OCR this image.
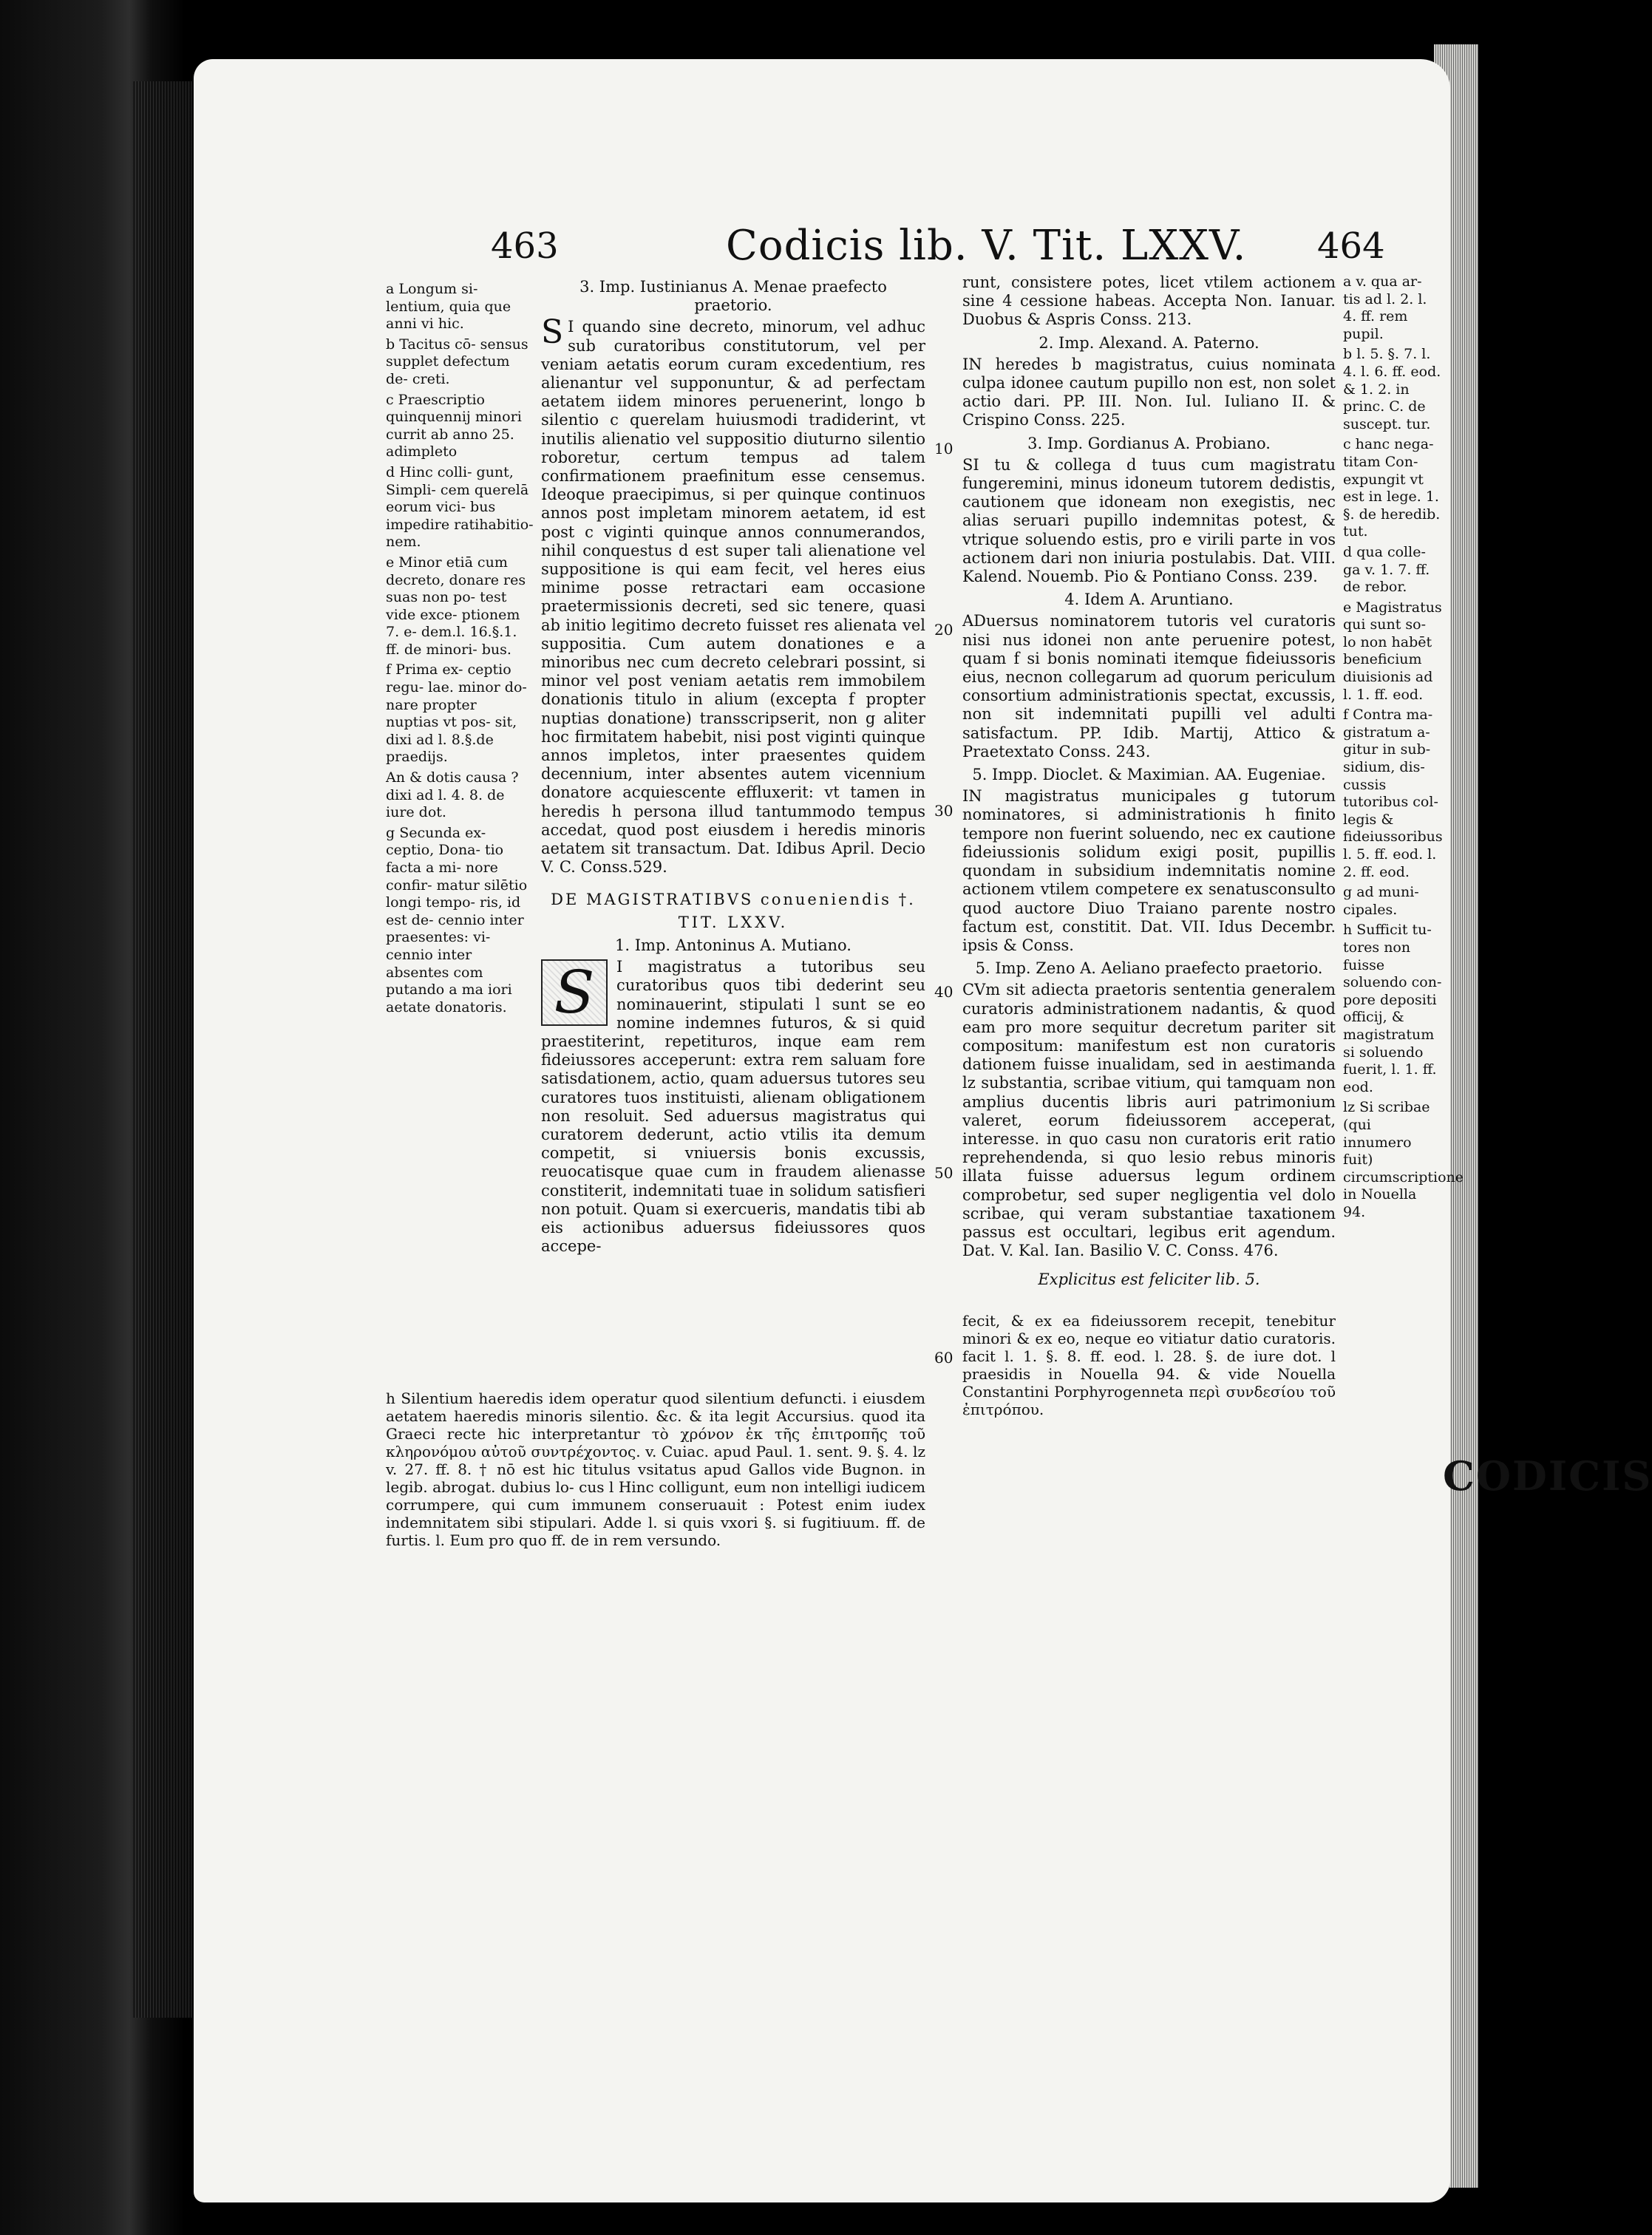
463	Codicis lib. V. Tit. LXXV. 464

a Longum si- lentium, quia que anni vi hic.

b Tacitus cō- sensus supplet defectum de- creti.

c Praescriptio quinquennij minori currit ab anno 25. adimpleto

d Hinc colli- gunt, Simpli- cem querelā eorum vici- bus impedire ratihabitio- nem.

e Minor etiā cum decreto, donare res suas non po- test vide exce- ptionem 7. e- dem.l. 16.§.1. ff. de minori- bus.

f Prima ex- ceptio regu- lae. minor do- nare propter nuptias vt pos- sit, dixi ad l. 8.§.de praedijs.

An & dotis causa ? dixi ad l. 4. 8. de iure dot.

g Secunda ex- ceptio, Dona- tio facta a mi- nore confir- matur silētio longi tempo- ris, id est de- cennio inter praesentes: vi- cennio inter absentes com putando a ma iori aetate donatoris.

3. Imp. Iustinianus A. Menae praefecto praetorio.

S I quando sine decreto, minorum, vel adhuc sub curatoribus constitutorum, vel per veniam aetatis eorum curam excedentium, res alienantur vel supponuntur, & ad perfectam aetatem iidem minores peruenerint, longo b silentio c querelam huiusmodi tradiderint, vt inutilis alienatio vel suppositio diuturno silentio roboretur, certum tempus ad talem confirmationem praefinitum esse censemus. Ideoque praecipimus, si per quinque continuos annos post impletam minorem aetatem, id est post c viginti quinque annos connumerandos, nihil conquestus d est super tali alienatione vel suppositione is qui eam fecit, vel heres eius minime posse retractari eam occasione praetermissionis decreti, sed sic tenere, quasi ab initio legitimo decreto fuisset res alienata vel suppositia. Cum autem donationes e a minoribus nec cum decreto celebrari possint, si minor vel post veniam aetatis rem immobilem donationis titulo in alium (excepta f propter nuptias donatione) transscripserit, non g aliter hoc firmitatem habebit, nisi post viginti quinque annos impletos, inter praesentes quidem decennium, inter absentes autem vicennium donatore acquiescente effluxerit: vt tamen in heredis h persona illud tantummodo tempus accedat, quod post eiusdem i heredis minoris aetatem sit transactum. Dat. Idibus April. Decio V. C. Conss.529.

DE MAGISTRATIBVS conueniendis †.
TIT. LXXV.
1. Imp. Antoninus A. Mutiano.

S	I magistratus a tutoribus seu curatoribus quos tibi dederint seu nominauerint, stipulati l sunt se eo nomine indemnes futuros, & si quid praestiterint, repetituros, inque eam rem fideiussores acceperunt: extra rem saluam fore satisdationem, actio, quam aduersus tutores seu curatores tuos instituisti, alienam obligationem non resoluit. Sed aduersus magistratus qui curatorem dederunt, actio vtilis ita demum competit, si vniuersis bonis excussis, reuocatisque quae cum in fraudem alienasse constiterit, indemnitati tuae in solidum satisfieri non potuit. Quam si exercueris, mandatis tibi ab eis actionibus aduersus fideiussores quos accepe-

h Silentium haeredis idem operatur quod silentium defuncti. i eiusdem aetatem haeredis minoris silentio. &c. & ita legit Accursius. quod ita Graeci recte hic interpretantur τὸ χρόνον ἐκ τῆς ἐπιτροπῆς τοῦ κληρονόμου αὐτοῦ συντρέχοντος. v. Cuiac. apud Paul. 1. sent. 9. §. 4. lz v. 27. ff. 8. † nō est hic titulus vsitatus apud Gallos vide Bugnon. in legib. abrogat. dubius lo- cus l Hinc colligunt, eum non intelligi iudicem corrumpere, qui cum immunem conseruauit : Potest enim iudex indemnitatem sibi stipulari. Adde l. si quis vxori §. si fugitiuum. ff. de furtis. l. Eum pro quo ff. de in rem versundo.
10
20
30
40
50
60

runt, consistere potes, licet vtilem actionem sine 4 cessione habeas. Accepta Non. Ianuar. Duobus & Aspris Conss. 213.

2. Imp. Alexand. A. Paterno.

IN heredes b magistratus, cuius nominata culpa idonee cautum pupillo non est, non solet actio dari. PP. III. Non. Iul. Iuliano II. & Crispino Conss. 225.

3. Imp. Gordianus A. Probiano.

SI tu & collega d tuus cum magistratu fungeremini, minus idoneum tutorem dedistis, cautionem que idoneam non exegistis, nec alias seruari pupillo indemnitas potest, & vtrique soluendo estis, pro e virili parte in vos actionem dari non iniuria postulabis. Dat. VIII. Kalend. Nouemb. Pio & Pontiano Conss. 239.

4. Idem A. Aruntiano.

ADuersus nominatorem tutoris vel curatoris nisi nus idonei non ante peruenire potest, quam f si bonis nominati itemque fideiussoris eius, necnon collegarum ad quorum periculum consortium administrationis spectat, excussis, non sit indemnitati pupilli vel adulti satisfactum. PP. Idib. Martij, Attico & Praetextato Conss. 243.

5. Impp. Dioclet. & Maximian. AA. Eugeniae.

IN magistratus municipales g tutorum nominatores, si administrationis h finito tempore non fuerint soluendo, nec ex cautione fideiussionis solidum exigi posit, pupillis quondam in subsidium indemnitatis nomine actionem vtilem competere ex senatusconsulto quod auctore Diuo Traiano parente nostro factum est, constitit. Dat. VII. Idus Decembr. ipsis & Conss.

5. Imp. Zeno A. Aeliano praefecto praetorio.

CVm sit adiecta praetoris sententia generalem curatoris administrationem nadantis, & quod eam pro more sequitur decretum pariter sit compositum: manifestum est non curatoris dationem fuisse inualidam, sed in aestimanda lz substantia, scribae vitium, qui tamquam non amplius ducentis libris auri patrimonium valeret, eorum fideiussorem acceperat, interesse. in quo casu non curatoris erit ratio reprehendenda, si quo lesio rebus minoris illata fuisse aduersus legum ordinem comprobetur, sed super negligentia vel dolo scribae, qui veram substantiae taxationem passus est occultari, legibus erit agendum. Dat. V. Kal. Ian. Basilio V. C. Conss. 476.

Explicitus est feliciter lib. 5.

fecit, & ex ea fideiussorem recepit, tenebitur minori & ex eo, neque eo vitiatur datio curatoris. facit l. 1. §. 8. ff. eod. l. 28. §. de iure dot. l praesidis in Nouella 94. & vide Nouella Constantini Porphyrogenneta περὶ συνδεσίου τοῦ ἐπιτρόπου.

a v. qua ar- tis ad l. 2. l. 4. ff. rem pupil.

b l. 5. §. 7. l. 4. l. 6. ff. eod. & 1. 2. in princ. C. de suscept. tur.

c hanc nega- titam Con- expungit vt est in lege. 1. §. de heredib. tut.

d qua colle- ga v. 1. 7. ff. de rebor.

e Magistratus qui sunt so- lo non habēt beneficium diuisionis ad l. 1. ff. eod.

f Contra ma- gistratum a- gitur in sub- sidium, dis- cussis tutoribus col- legis & fideiussoribus l. 5. ff. eod. l. 2. ff. eod.

g ad muni- cipales.

h Sufficit tu- tores non fuisse soluendo con- pore depositi officij, & magistratum si soluendo fuerit, l. 1. ff. eod.

lz Si scribae (qui innumero fuit) circumscriptione in Nouella 94.

CODICIS
